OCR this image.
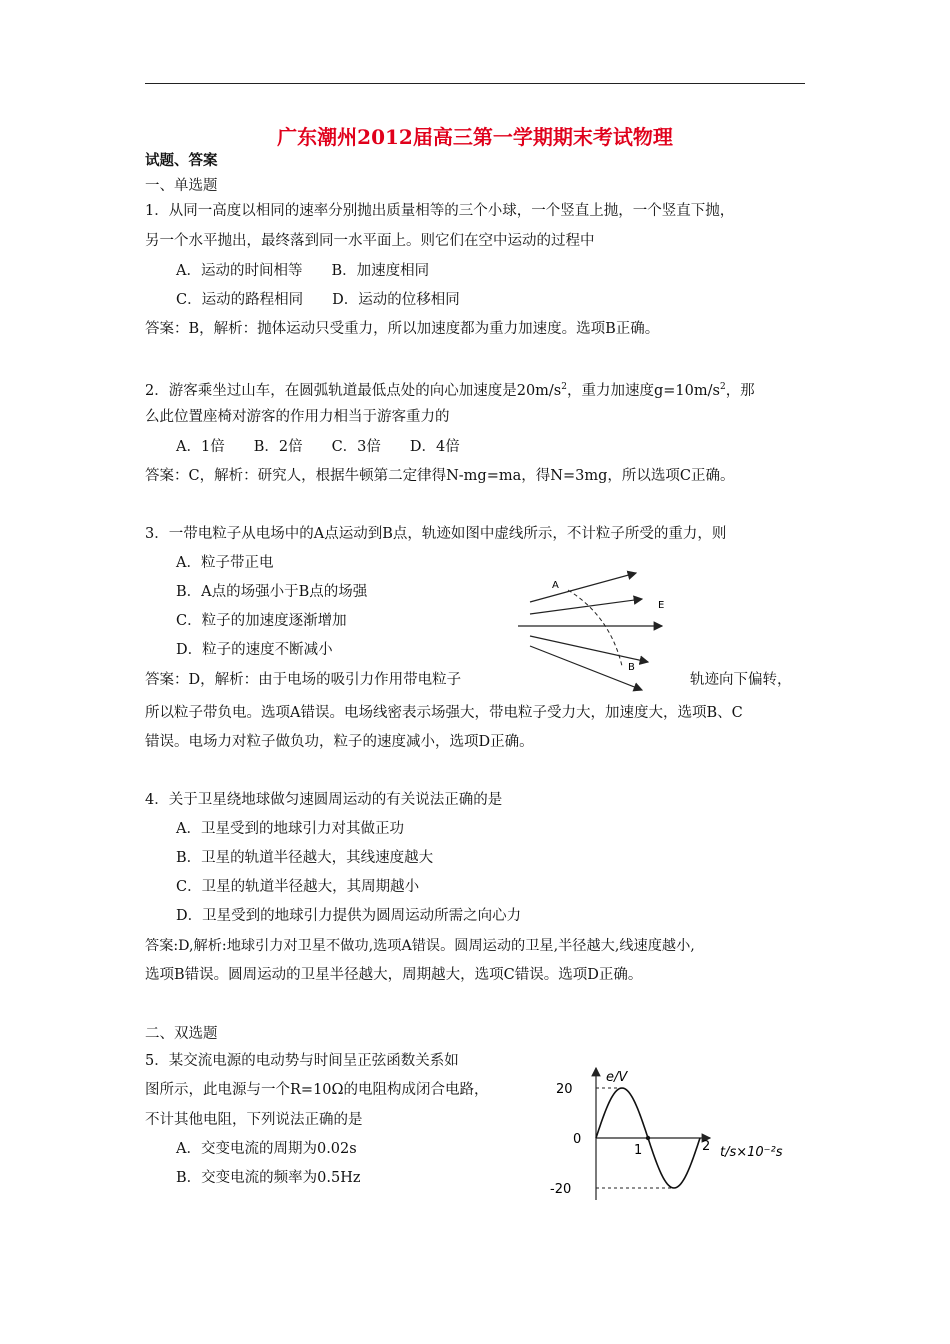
广东潮州2012届高三第一学期期末考试物理
试题、答案
一、单选题
1．从同一高度以相同的速率分别抛出质量相等的三个小球，一个竖直上抛，一个竖直下抛，
另一个水平抛出，最终落到同一水平面上。则它们在空中运动的过程中
A．运动的时间相等　　B．加速度相同
C．运动的路程相同　　D．运动的位移相同
答案：B，解析：抛体运动只受重力，所以加速度都为重力加速度。选项B正确。
2．游客乘坐过山车，在圆弧轨道最低点处的向心加速度是$20m/s^2$，重力加速度$g=10m/s^2$，那
么此位置座椅对游客的作用力相当于游客重力的
A．1倍　　B．2倍　　C．3倍　　D．4倍
答案：C，解析：研究人，根据牛顿第二定律得N-mg=ma，得N=3mg，所以选项C正确。
3．一带电粒子从电场中的A点运动到B点，轨迹如图中虚线所示，不计粒子所受的重力，则
A．粒子带正电
B．A点的场强小于B点的场强
C．粒子的加速度逐渐增加
D．粒子的速度不断减小
答案：D，解析：由于电场的吸引力作用带电粒子	轨迹向下偏转，
所以粒子带负电。选项A错误。电场线密表示场强大，带电粒子受力大，加速度大，选项B、C
错误。电场力对粒子做负功，粒子的速度减小，选项D正确。
A
B
E
4．关于卫星绕地球做匀速圆周运动的有关说法正确的是
A．卫星受到的地球引力对其做正功
B．卫星的轨道半径越大，其线速度越大
C．卫星的轨道半径越大，其周期越小
D．卫星受到的地球引力提供为圆周运动所需之向心力
答案:D,解析:地球引力对卫星不做功,选项A错误。圆周运动的卫星,半径越大,线速度越小,
选项B错误。圆周运动的卫星半径越大，周期越大，选项C错误。选项D正确。
二、双选题
5．某交流电源的电动势与时间呈正弦函数关系如
图所示，此电源与一个R=10Ω的电阻构成闭合电路，
不计其他电阻，下列说法正确的是
A．交变电流的周期为0.02s
B．交变电流的频率为0.5Hz
e/V
t/s×10⁻²s
20
0
-20
1	2
